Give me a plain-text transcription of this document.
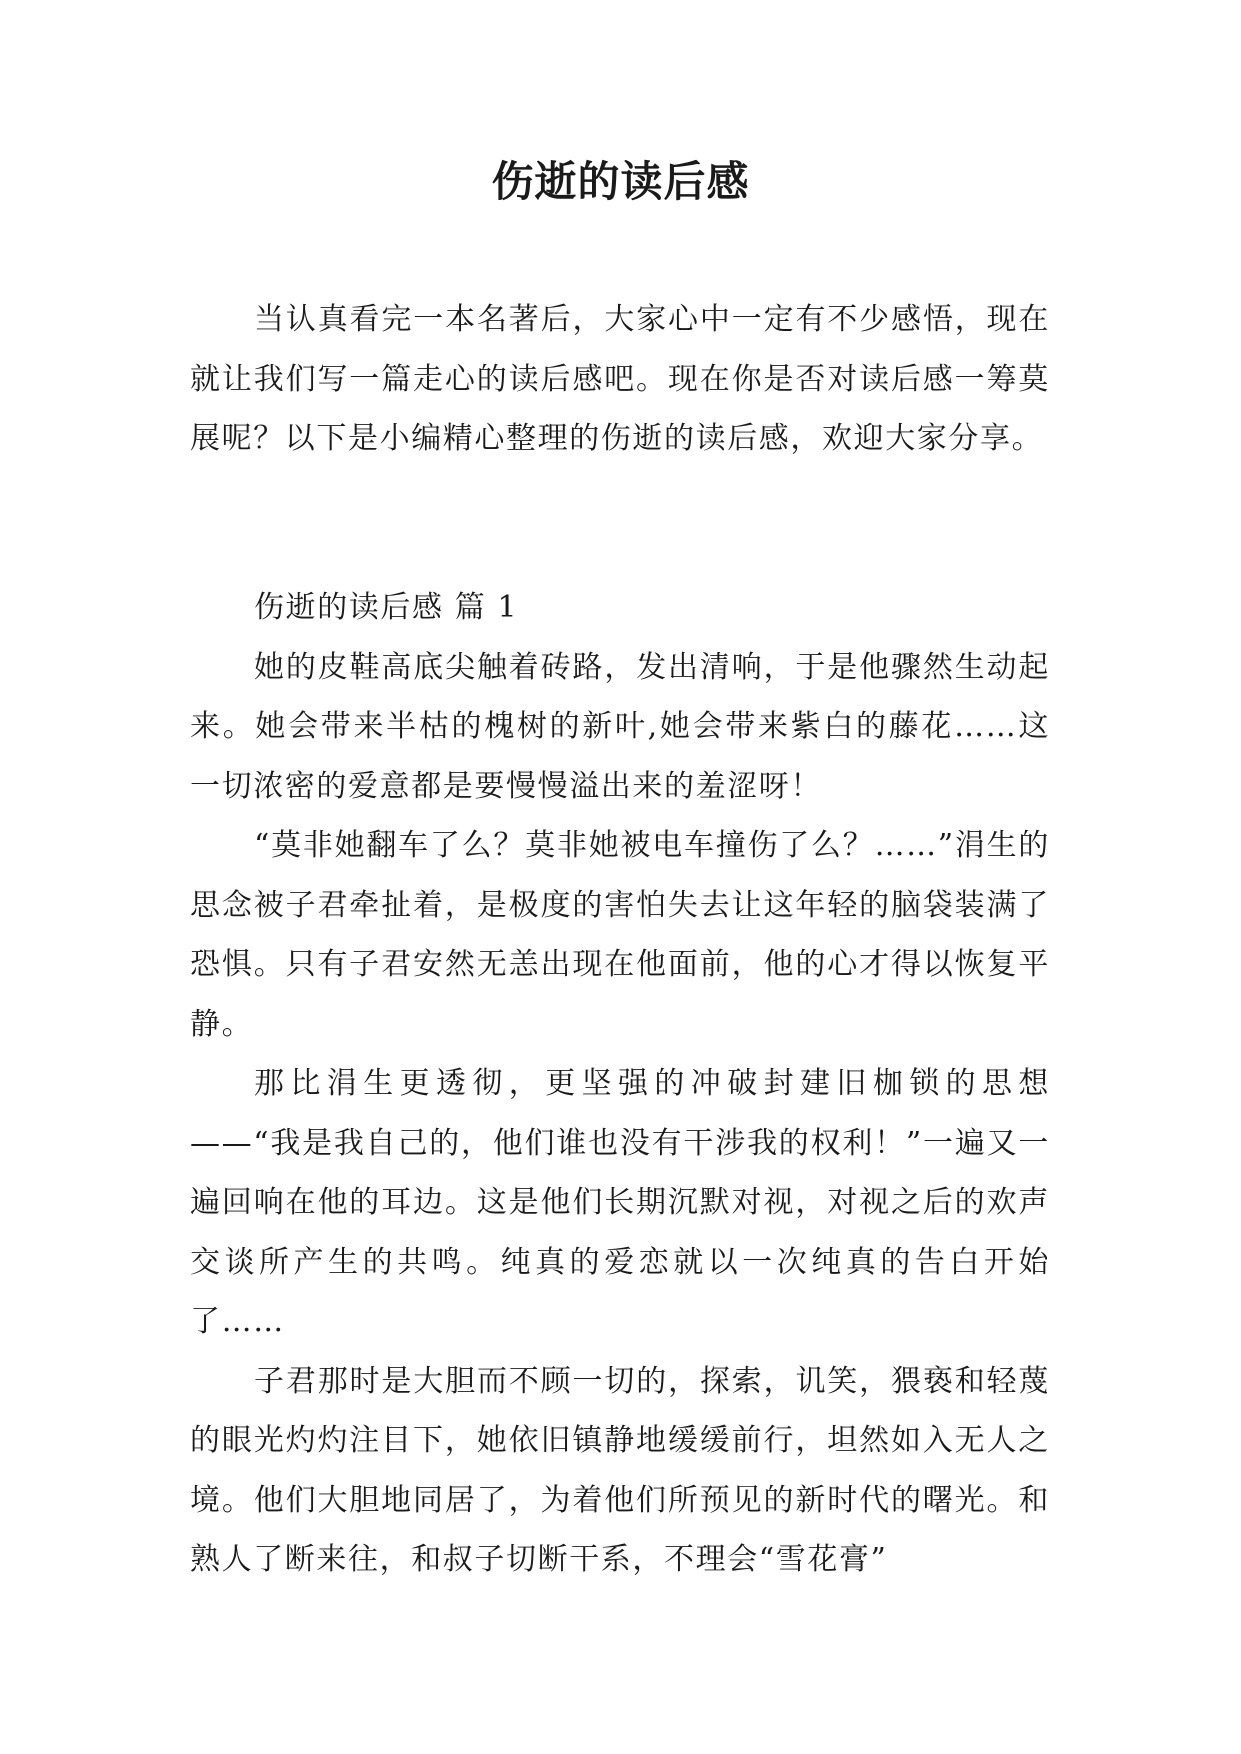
伤逝的读后感

当认真看完一本名著后，大家心中一定有不少感悟，现在就让我们写一篇走心的读后感吧。现在你是否对读后感一筹莫展呢？以下是小编精心整理的伤逝的读后感，欢迎大家分享。

伤逝的读后感 篇 1

她的皮鞋高底尖触着砖路，发出清响，于是他骤然生动起来。她会带来半枯的槐树的新叶,她会带来紫白的藤花……这一切浓密的爱意都是要慢慢溢出来的羞涩呀！

“莫非她翻车了么？莫非她被电车撞伤了么？……”涓生的思念被子君牵扯着，是极度的害怕失去让这年轻的脑袋装满了恐惧。只有子君安然无恙出现在他面前，他的心才得以恢复平静。

那比涓生更透彻，更坚强的冲破封建旧枷锁的思想——“我是我自己的，他们谁也没有干涉我的权利！”一遍又一遍回响在他的耳边。这是他们长期沉默对视，对视之后的欢声交谈所产生的共鸣。纯真的爱恋就以一次纯真的告白开始了……

子君那时是大胆而不顾一切的，探索，讥笑，猥亵和轻蔑的眼光灼灼注目下，她依旧镇静地缓缓前行，坦然如入无人之境。他们大胆地同居了，为着他们所预见的新时代的曙光。和熟人了断来往，和叔子切断干系，不理会“雪花膏”
